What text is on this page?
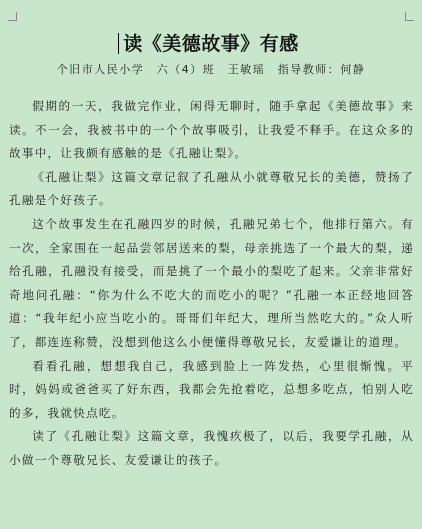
读《美德故事》有感
个旧市人民小学　六（4）班　王敏瑶　指导教师：何静

假期的一天，我做完作业，闲得无聊时，随手拿起《美德故事》来读。不一会，我被书中的一个个故事吸引，让我爱不释手。在这众多的故事中，让我颇有感触的是《孔融让梨》。

《孔融让梨》这篇文章记叙了孔融从小就尊敬兄长的美德，赞扬了孔融是个好孩子。

这个故事发生在孔融四岁的时候，孔融兄弟七个，他排行第六。有一次，全家围在一起品尝邻居送来的梨，母亲挑选了一个最大的梨，递给孔融，孔融没有接受，而是挑了一个最小的梨吃了起来。父亲非常好奇地问孔融：“你为什么不吃大的而吃小的呢？”孔融一本正经地回答道：“我年纪小应当吃小的。哥哥们年纪大，理所当然吃大的。”众人听了，都连连称赞，没想到他这么小便懂得尊敬兄长，友爱谦让的道理。

看看孔融，想想我自己，我感到脸上一阵发热，心里很惭愧。平时，妈妈或爸爸买了好东西，我都会先抢着吃，总想多吃点，怕别人吃的多，我就快点吃。

读了《孔融让梨》这篇文章，我愧疚极了，以后，我要学孔融，从小做一个尊敬兄长、友爱谦让的孩子。
